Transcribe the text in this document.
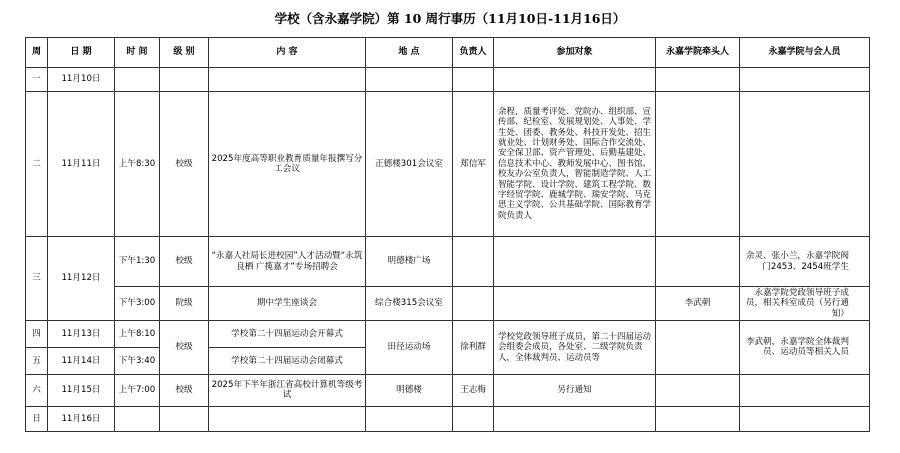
学校（含永嘉学院）第 10 周行事历（11月10日-11月16日）
周	日 期	时 间	级 别	内 容	地 点	负责人	参加对象	永嘉学院牵头人	永嘉学院与会人员
一	11月10日								
二	11月11日	上午8:30	校级	2025年度高等职业教育质量年报撰写分工会议	正德楼301会议室	郑信军	余程，质量考评处、党院办、组织部、宣传部、纪检室、发展规划处、人事处、学生处、团委、教务处、科技开发处、招生就业处、计划财务处、国际合作交流处、安全保卫部、资产管理处、后勤基建处、信息技术中心、教师发展中心、图书馆、校友办公室负责人，智能制造学院、人工智能学院、设计学院、建筑工程学院、数字经贸学院、鹿城学院、瑞安学院、马克思主义学院、公共基础学院、国际教育学院负责人		
三	11月12日	下午1:30	校级	“永嘉人社局长进校园”人才活动暨“永筑良栖 广揽嘉才”专场招聘会	明德楼广场				余灵、张小兰，永嘉学院阀门2453、2454班学生
		下午3:00	院级	期中学生座谈会	综合楼315会议室			李武朝	永嘉学院党政领导班子成员，相关科室成员（另行通知）
四	11月13日	上午8:10	校级	学校第二十四届运动会开幕式	田径运动场	徐利群	学校党政领导班子成员，第二十四届运动会组委会成员，各处室、二级学院负责人，全体裁判员、运动员等		李武朝，永嘉学院全体裁判员、运动员等相关人员
五	11月14日	下午3:40		学校第二十四届运动会闭幕式					
六	11月15日	上午7:00	校级	2025年下半年浙江省高校计算机等级考试	明德楼	王志梅	另行通知		
日	11月16日								
